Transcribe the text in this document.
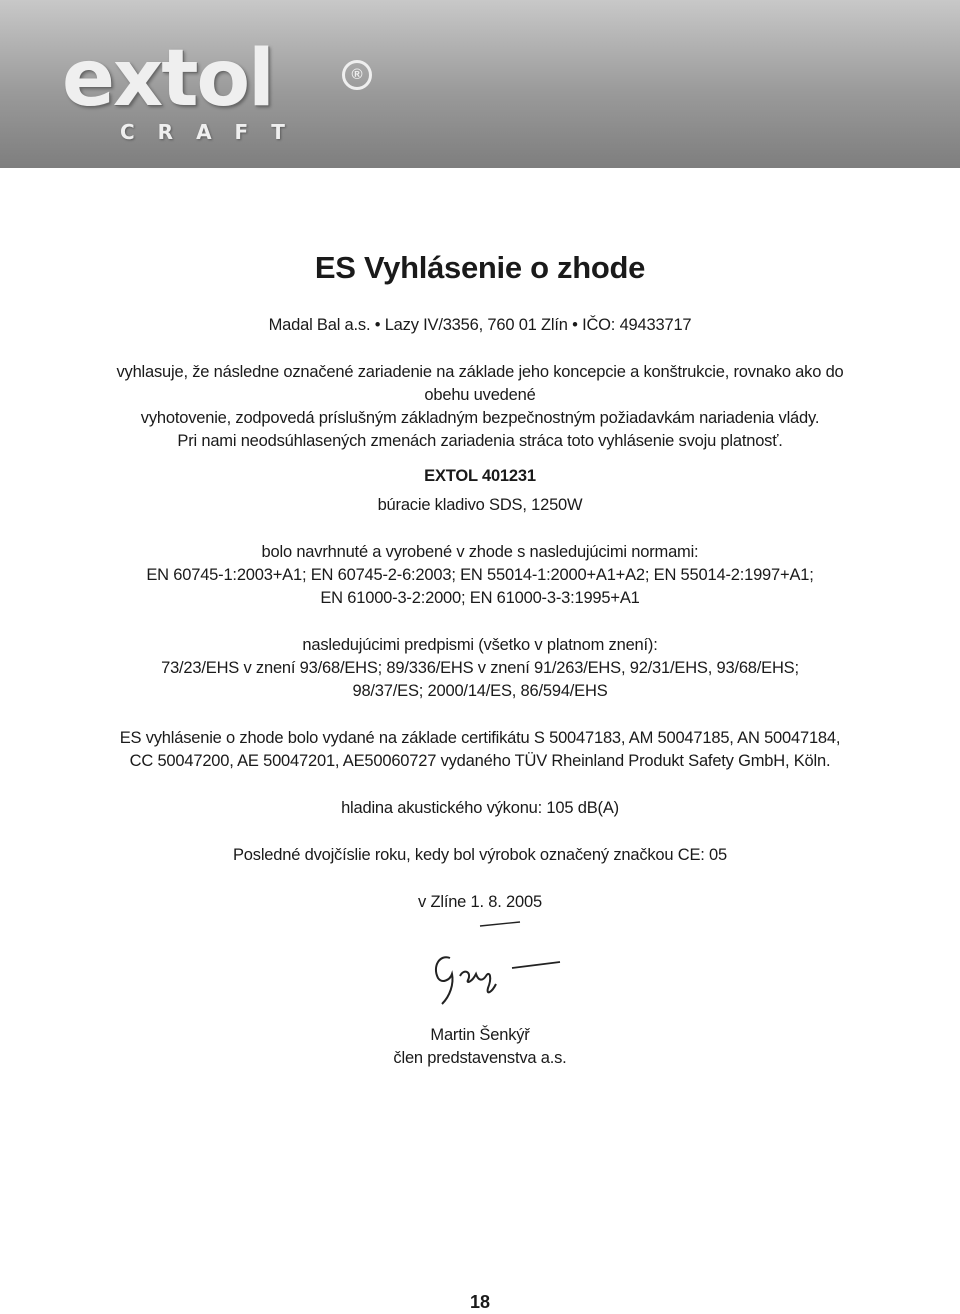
extol	®
CRAFT
ES Vyhlásenie o zhode

Madal Bal a.s. • Lazy IV/3356, 760 01 Zlín • IČO: 49433717

vyhlasuje, že následne označené zariadenie na základe jeho koncepcie a konštrukcie, rovnako ako do obehu uvedené

vyhotovenie, zodpovedá príslušným základným bezpečnostným požiadavkám nariadenia vlády.

Pri nami neodsúhlasených zmenách zariadenia stráca toto vyhlásenie svoju platnosť.

EXTOL 401231

búracie kladivo SDS, 1250W

bolo navrhnuté a vyrobené v zhode s nasledujúcimi normami:

EN 60745-1:2003+A1; EN 60745-2-6:2003; EN 55014-1:2000+A1+A2; EN 55014-2:1997+A1;

EN 61000-3-2:2000; EN 61000-3-3:1995+A1

nasledujúcimi predpismi (všetko v platnom znení):

73/23/EHS v znení 93/68/EHS; 89/336/EHS v znení 91/263/EHS, 92/31/EHS, 93/68/EHS;

98/37/ES; 2000/14/ES, 86/594/EHS

ES vyhlásenie o zhode bolo vydané na základe certifikátu S 50047183, AM 50047185, AN 50047184,

CC 50047200, AE 50047201, AE50060727 vydaného TÜV Rheinland Produkt Safety GmbH, Köln.

hladina akustického výkonu: 105 dB(A)

Posledné dvojčíslie roku, kedy bol výrobok označený značkou CE: 05

v Zlíne 1. 8. 2005

Martin Šenkýř

člen predstavenstva a.s.

18
